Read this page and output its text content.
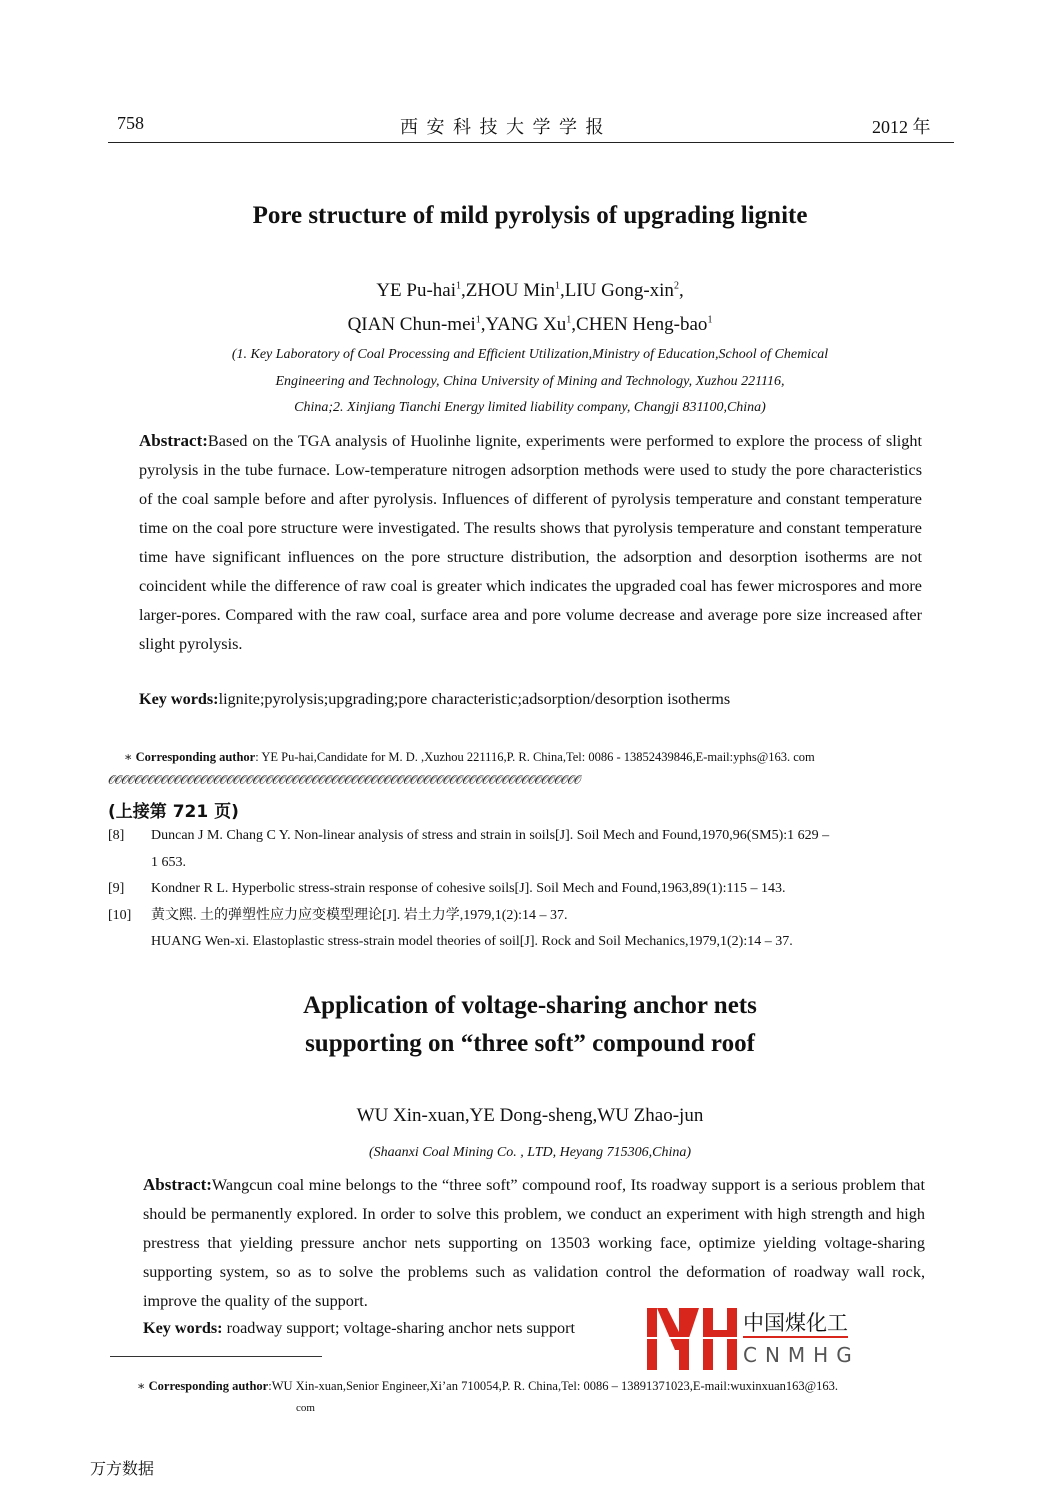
758	西 安 科 技 大 学 学 报	2012 年
Pore structure of mild pyrolysis of upgrading lignite
YE Pu-hai$^1$,ZHOU Min$^1$,LIU Gong-xin$^2$,
QIAN Chun-mei$^1$,YANG Xu$^1$,CHEN Heng-bao$^1$
(1. Key Laboratory of Coal Processing and Efficient Utilization,Ministry of Education,School of Chemical
Engineering and Technology, China University of Mining and Technology, Xuzhou 221116,
China;2. Xinjiang Tianchi Energy limited liability company, Changji 831100,China)
Abstract:Based on the TGA analysis of Huolinhe lignite, experiments were performed to explore the process of slight pyrolysis in the tube furnace. Low-temperature nitrogen adsorption methods were used to study the pore characteristics of the coal sample before and after pyrolysis. Influences of different of pyrolysis temperature and constant temperature time on the coal pore structure were investigated. The results shows that pyrolysis temperature and constant temperature time have significant influences on the pore structure distribution, the adsorption and desorption isotherms are not coincident while the difference of raw coal is greater which indicates the upgraded coal has fewer microspores and more larger-pores. Compared with the raw coal, surface area and pore volume decrease and average pore size increased after slight pyrolysis.
Key words:lignite;pyrolysis;upgrading;pore characteristic;adsorption/desorption isotherms
∗ Corresponding author: YE Pu-hai,Candidate for M. D. ,Xuzhou 221116,P. R. China,Tel: 0086 - 13852439846,E-mail:yphs@163. com
𝒪𝒪𝒪𝒪𝒪𝒪𝒪𝒪𝒪𝒪𝒪𝒪𝒪𝒪𝒪𝒪𝒪𝒪𝒪𝒪𝒪𝒪𝒪𝒪𝒪𝒪𝒪𝒪𝒪𝒪𝒪𝒪𝒪𝒪𝒪𝒪𝒪𝒪𝒪𝒪𝒪𝒪𝒪𝒪𝒪𝒪𝒪𝒪𝒪𝒪𝒪𝒪𝒪𝒪𝒪𝒪𝒪𝒪𝒪𝒪𝒪𝒪𝒪𝒪𝒪𝒪𝒪𝒪𝒪𝒪𝒪𝒪
(上接第 721 页)
[8] Duncan J M. Chang C Y. Non-linear analysis of stress and strain in soils[J]. Soil Mech and Found,1970,96(SM5):1 629 –
1 653.
[9] Kondner R L. Hyperbolic stress-strain response of cohesive soils[J]. Soil Mech and Found,1963,89(1):115 – 143.
[10] 黄文熙. 土的弹塑性应力应变模型理论[J]. 岩土力学,1979,1(2):14 – 37.
HUANG Wen-xi. Elastoplastic stress-strain model theories of soil[J]. Rock and Soil Mechanics,1979,1(2):14 – 37.
Application of voltage-sharing anchor nets
supporting on “three soft” compound roof
WU Xin-xuan,YE Dong-sheng,WU Zhao-jun
(Shaanxi Coal Mining Co. , LTD, Heyang 715306,China)
Abstract:Wangcun coal mine belongs to the “three soft” compound roof, Its roadway support is a serious problem that should be permanently explored. In order to solve this problem, we conduct an experiment with high strength and high prestress that yielding pressure anchor nets supporting on 13503 working face, optimize yielding voltage-sharing supporting system, so as to solve the problems such as validation control the deformation of roadway wall rock, improve the quality of the support.
Key words: roadway support; voltage-sharing anchor nets support
∗ Corresponding author:WU Xin-xuan,Senior Engineer,Xi’an 710054,P. R. China,Tel: 0086 – 13891371023,E-mail:wuxinxuan163@163.
com
中国煤化工
CNMHG
万方数据
